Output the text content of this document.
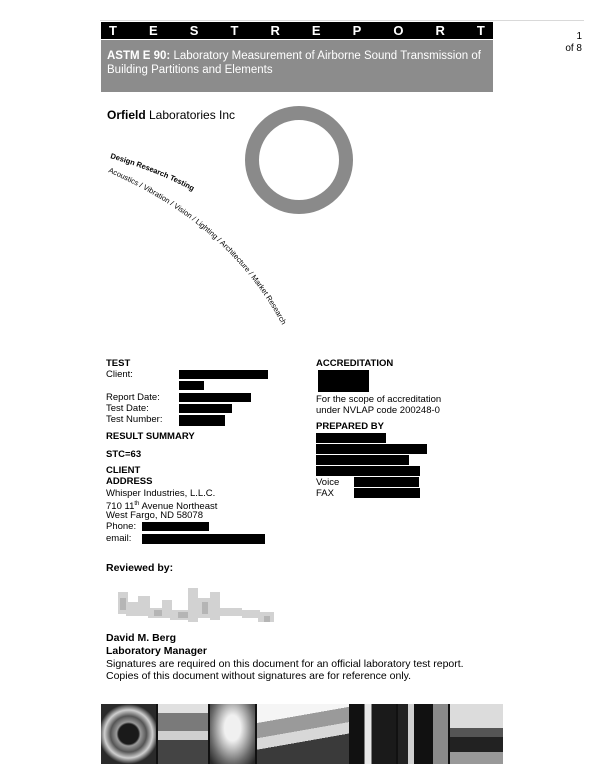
1
of 8
T E S T R E P O R T
ASTM E 90: Laboratory Measurement of Airborne Sound Transmission of Building Partitions and Elements
Orfield Laboratories Inc
Design Research Testing
Acoustics / Vibration / Vision / Lighting / Architecture / Market Research
TEST
Client:
Report Date:
Test Date:
Test Number:
RESULT SUMMARY
STC=63
CLIENT
ADDRESS
Whisper Industries, L.L.C.
710 11th Avenue Northeast
West Fargo, ND 58078
Phone:
email:
ACCREDITATION
For the scope of accreditation
under NVLAP code 200248-0
PREPARED BY
Voice
FAX
Reviewed by:
David M. Berg
Laboratory Manager
Signatures are required on this document for an official laboratory test report.
Copies of this document without signatures are for reference only.
